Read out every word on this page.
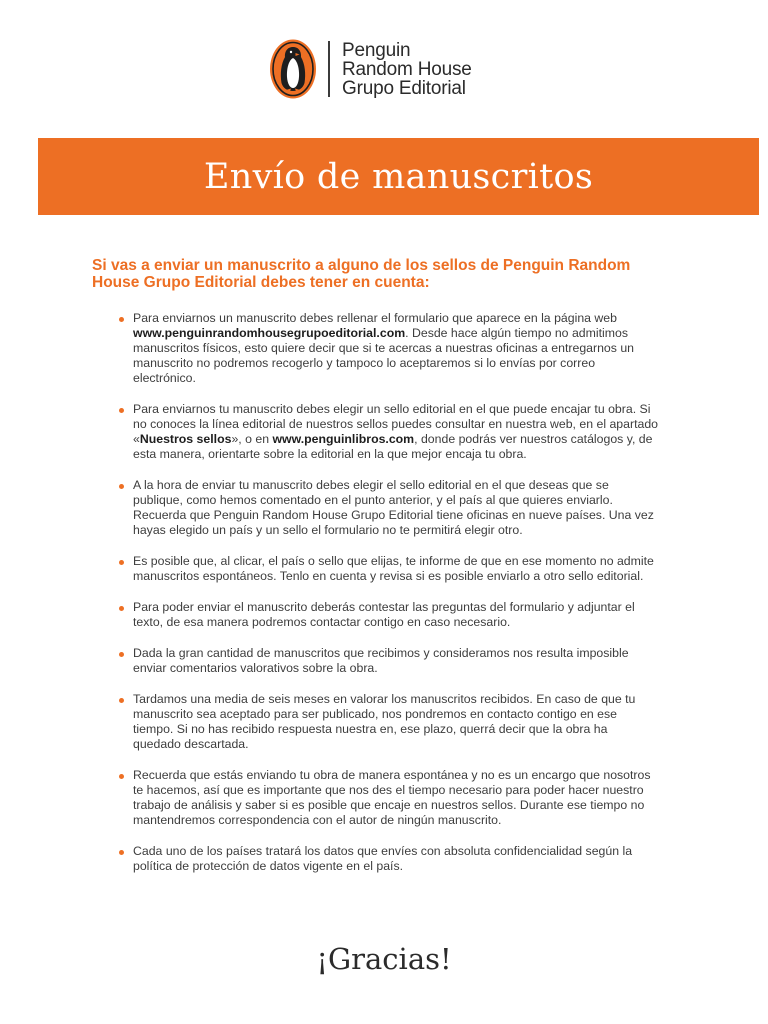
Penguin
Random House
Grupo Editorial
Envío de manuscritos

Si vas a enviar un manuscrito a alguno de los sellos de Penguin Random House Grupo Editorial debes tener en cuenta:

Para enviarnos un manuscrito debes rellenar el formulario que aparece en la página web www.penguinrandomhousegrupoeditorial.com. Desde hace algún tiempo no admitimos manuscritos físicos, esto quiere decir que si te acercas a nuestras oficinas a entregarnos un manuscrito no podremos recogerlo y tampoco lo aceptaremos si lo envías por correo electrónico.
Para enviarnos tu manuscrito debes elegir un sello editorial en el que puede encajar tu obra. Si no conoces la línea editorial de nuestros sellos puedes consultar en nuestra web, en el apartado «Nuestros sellos», o en www.penguinlibros.com, donde podrás ver nuestros catálogos y, de esta manera, orientarte sobre la editorial en la que mejor encaja tu obra.
A la hora de enviar tu manuscrito debes elegir el sello editorial en el que deseas que se publique, como hemos comentado en el punto anterior, y el país al que quieres enviarlo. Recuerda que Penguin Random House Grupo Editorial tiene oficinas en nueve países. Una vez hayas elegido un país y un sello el formulario no te permitirá elegir otro.
Es posible que, al clicar, el país o sello que elijas, te informe de que en ese momento no admite manuscritos espontáneos. Tenlo en cuenta y revisa si es posible enviarlo a otro sello editorial.
Para poder enviar el manuscrito deberás contestar las preguntas del formulario y adjuntar el texto, de esa manera podremos contactar contigo en caso necesario.
Dada la gran cantidad de manuscritos que recibimos y consideramos nos resulta imposible enviar comentarios valorativos sobre la obra.
Tardamos una media de seis meses en valorar los manuscritos recibidos. En caso de que tu manuscrito sea aceptado para ser publicado, nos pondremos en contacto contigo en ese tiempo. Si no has recibido respuesta nuestra en, ese plazo, querrá decir que la obra ha quedado descartada.
Recuerda que estás enviando tu obra de manera espontánea y no es un encargo que nosotros te hacemos, así que es importante que nos des el tiempo necesario para poder hacer nuestro trabajo de análisis y saber si es posible que encaje en nuestros sellos. Durante ese tiempo no mantendremos correspondencia con el autor de ningún manuscrito.
Cada uno de los países tratará los datos que envíes con absoluta confidencialidad según la política de protección de datos vigente en el país.

¡Gracias!
